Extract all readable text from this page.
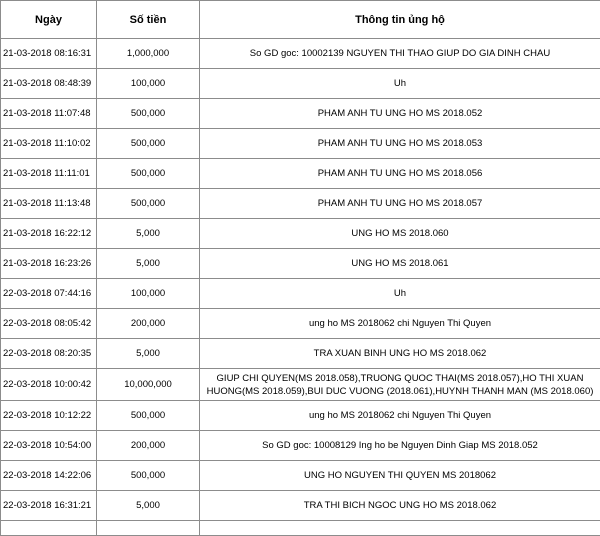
Ngày	Số tiền	Thông tin ủng hộ
21-03-2018 08:16:31	1,000,000	So GD goc: 10002139 NGUYEN THI THAO GIUP DO GIA DINH CHAU
21-03-2018 08:48:39	100,000	Uh
21-03-2018 11:07:48	500,000	PHAM ANH TU UNG HO MS 2018.052
21-03-2018 11:10:02	500,000	PHAM ANH TU UNG HO MS 2018.053
21-03-2018 11:11:01	500,000	PHAM ANH TU UNG HO MS 2018.056
21-03-2018 11:13:48	500,000	PHAM ANH TU UNG HO MS 2018.057
21-03-2018 16:22:12	5,000	UNG HO MS 2018.060
21-03-2018 16:23:26	5,000	UNG HO MS 2018.061
22-03-2018 07:44:16	100,000	Uh
22-03-2018 08:05:42	200,000	ung ho MS 2018062 chi Nguyen Thi Quyen
22-03-2018 08:20:35	5,000	TRA XUAN BINH UNG HO MS 2018.062
22-03-2018 10:00:42	10,000,000	GIUP CHI QUYEN(MS 2018.058),TRUONG QUOC THAI(MS 2018.057),HO THI XUAN HUONG(MS 2018.059),BUI DUC VUONG (2018.061),HUYNH THANH MAN (MS 2018.060)
22-03-2018 10:12:22	500,000	ung ho MS 2018062 chi Nguyen Thi Quyen
22-03-2018 10:54:00	200,000	So GD goc: 10008129 Ing ho be Nguyen Dinh Giap MS 2018.052
22-03-2018 14:22:06	500,000	UNG HO NGUYEN THI QUYEN MS 2018062
22-03-2018 16:31:21	5,000	TRA THI BICH NGOC UNG HO MS 2018.062
